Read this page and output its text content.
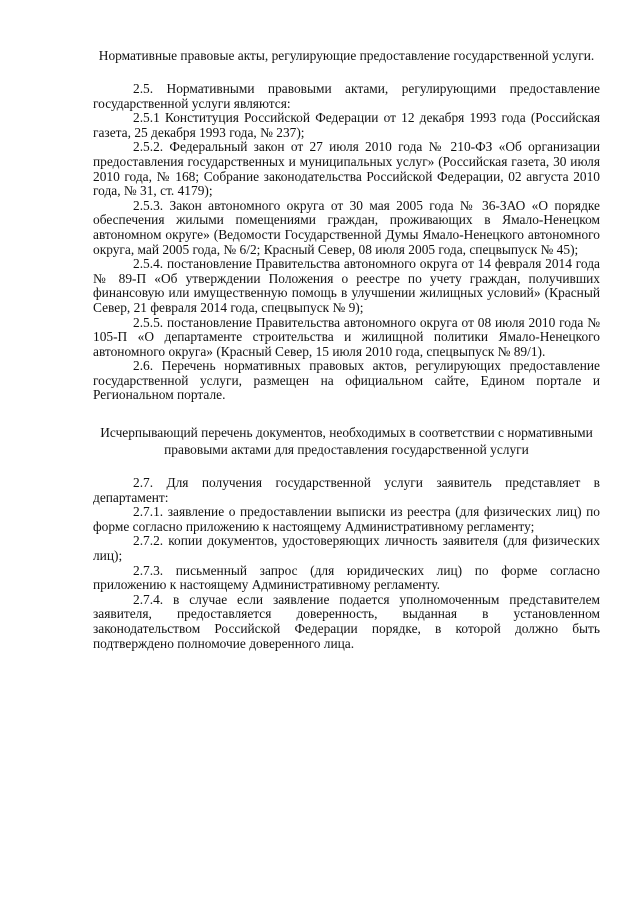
Нормативные правовые акты, регулирующие предоставление государственной услуги.

2.5. Нормативными правовыми актами, регулирующими предоставление государственной услуги являются:

2.5.1 Конституция Российской Федерации от 12 декабря 1993 года (Российская газета, 25 декабря 1993 года, № 237);

2.5.2. Федеральный закон от 27 июля 2010 года № 210-ФЗ «Об организации предоставления государственных и муниципальных услуг» (Российская газета, 30 июля 2010 года, № 168; Собрание законодательства Российской Федерации, 02 августа 2010 года, № 31, ст. 4179);

2.5.3. Закон автономного округа от 30 мая 2005 года № 36-ЗАО «О порядке обеспечения жилыми помещениями граждан, проживающих в Ямало-Ненецком автономном округе» (Ведомости Государственной Думы Ямало-Ненецкого автономного округа, май 2005 года, № 6/2; Красный Север, 08 июля 2005 года, спецвыпуск № 45);

2.5.4. постановление Правительства автономного округа от 14 февраля 2014 года № 89-П «Об утверждении Положения о реестре по учету граждан, получивших финансовую или имущественную помощь в улучшении жилищных условий» (Красный Север, 21 февраля 2014 года, спецвыпуск № 9);

2.5.5. постановление Правительства автономного округа от 08 июля 2010 года № 105-П «О департаменте строительства и жилищной политики Ямало-Ненецкого автономного округа» (Красный Север, 15 июля 2010 года, спецвыпуск № 89/1).

2.6. Перечень нормативных правовых актов, регулирующих предоставление государственной услуги, размещен на официальном сайте, Едином портале и Региональном портале.

Исчерпывающий перечень документов, необходимых в соответствии с нормативными правовыми актами для предоставления государственной услуги

2.7. Для получения государственной услуги заявитель представляет в департамент:

2.7.1. заявление о предоставлении выписки из реестра (для физических лиц) по форме согласно приложению к настоящему Административному регламенту;

2.7.2. копии документов, удостоверяющих личность заявителя (для физических лиц);

2.7.3. письменный запрос (для юридических лиц) по форме согласно приложению к настоящему Административному регламенту.

2.7.4. в случае если заявление подается уполномоченным представителем заявителя, предоставляется доверенность, выданная в установленном законодательством Российской Федерации порядке, в которой должно быть подтверждено полномочие доверенного лица.
